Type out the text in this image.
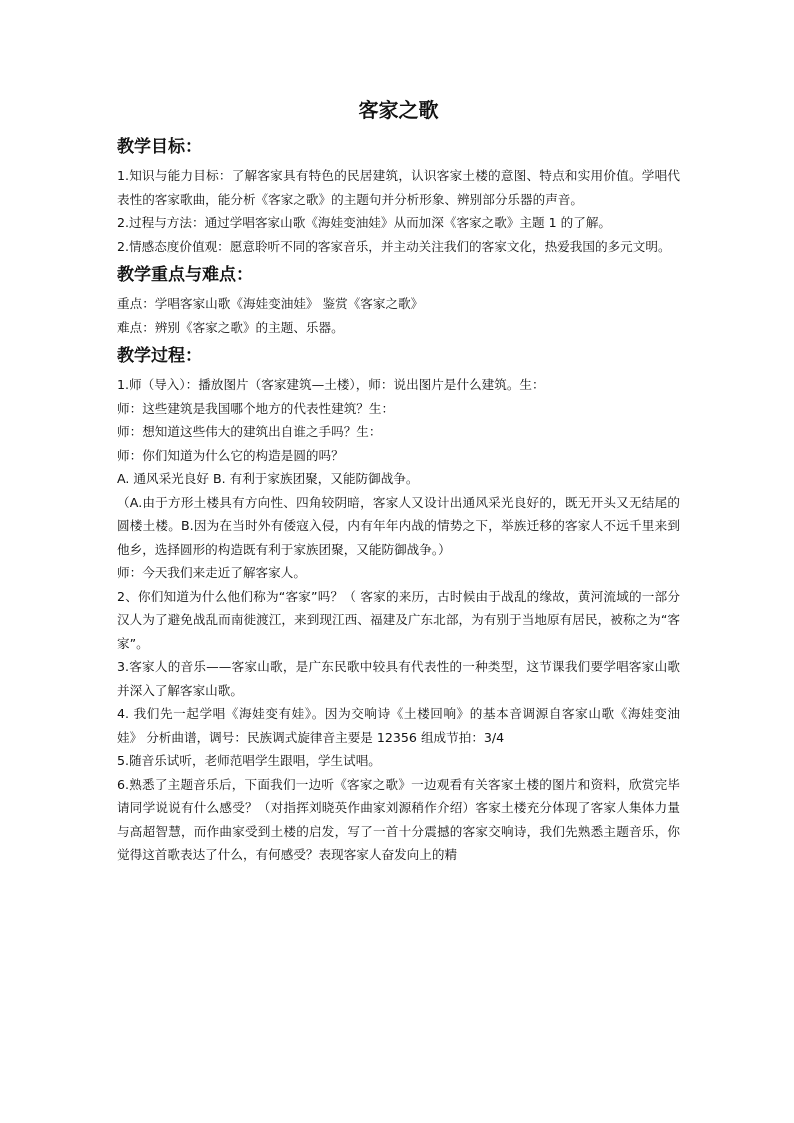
客家之歌
教学目标：

1.知识与能力目标：了解客家具有特色的民居建筑，认识客家土楼的意图、特点和实用价值。学唱代表性的客家歌曲，能分析《客家之歌》的主题句并分析形象、辨别部分乐器的声音。

2.过程与方法：通过学唱客家山歌《海娃变油娃》从而加深《客家之歌》主题 1 的了解。

2.情感态度价值观：愿意聆听不同的客家音乐，并主动关注我们的客家文化，热爱我国的多元文明。

教学重点与难点：

重点：学唱客家山歌《海娃变油娃》 鉴赏《客家之歌》

难点：辨别《客家之歌》的主题、乐器。

教学过程：

1.师（导入）：播放图片（客家建筑—土楼），师：说出图片是什么建筑。生：

师：这些建筑是我国哪个地方的代表性建筑？生：

师：想知道这些伟大的建筑出自谁之手吗？生：

师：你们知道为什么它的构造是圆的吗？

A. 通风采光良好 B. 有利于家族团聚，又能防御战争。

（A.由于方形土楼具有方向性、四角较阴暗，客家人又设计出通风采光良好的，既无开头又无结尾的圆楼土楼。B.因为在当时外有倭寇入侵，内有年年内战的情势之下，举族迁移的客家人不远千里来到他乡，选择圆形的构造既有利于家族团聚，又能防御战争。）

师：今天我们来走近了解客家人。

2、你们知道为什么他们称为“客家”吗？（ 客家的来历，古时候由于战乱的缘故，黄河流域的一部分汉人为了避免战乱而南徙渡江，来到现江西、福建及广东北部，为有别于当地原有居民，被称之为“客家”。

3.客家人的音乐——客家山歌，是广东民歌中较具有代表性的一种类型，这节课我们要学唱客家山歌并深入了解客家山歌。

4. 我们先一起学唱《海娃变有娃》。因为交响诗《土楼回响》的基本音调源自客家山歌《海娃变油娃》 分析曲谱，调号：民族调式旋律音主要是 12356 组成节拍：3/4

5.随音乐试听，老师范唱学生跟唱，学生试唱。

6.熟悉了主题音乐后，下面我们一边听《客家之歌》一边观看有关客家土楼的图片和资料，欣赏完毕请同学说说有什么感受？（对指挥刘晓英作曲家刘源稍作介绍）客家土楼充分体现了客家人集体力量与高超智慧，而作曲家受到土楼的启发，写了一首十分震撼的客家交响诗，我们先熟悉主题音乐，你觉得这首歌表达了什么，有何感受？表现客家人奋发向上的精
